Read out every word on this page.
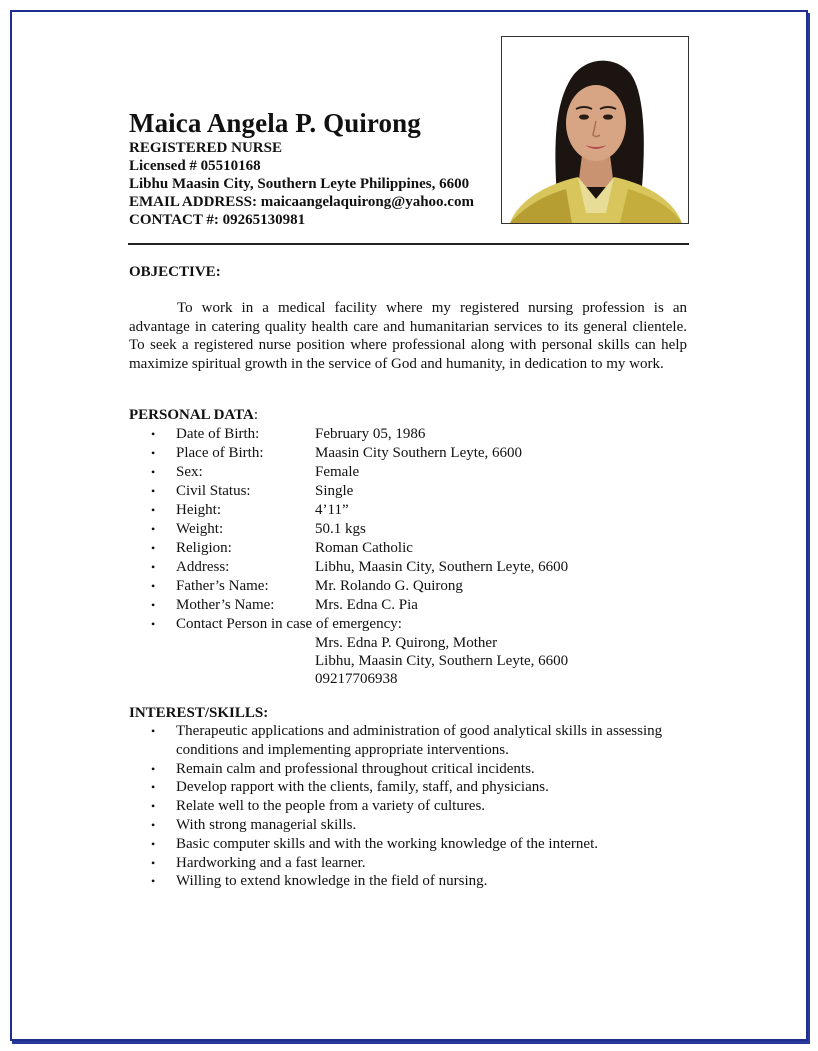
Maica Angela P. Quirong
REGISTERED NURSE
Licensed # 05510168
Libhu Maasin City, Southern Leyte Philippines, 6600
EMAIL ADDRESS: maicaangelaquirong@yahoo.com
CONTACT #: 09265130981
OBJECTIVE:

To work in a medical facility where my registered nursing profession is an advantage in catering quality health care and humanitarian services to its general clientele. To seek a registered nurse position where professional along with personal skills can help maximize spiritual growth in the service of God and humanity, in dedication to my work.

PERSONAL DATA:
• Date of Birth:	February 05, 1986
• Place of Birth:	Maasin City Southern Leyte, 6600
• Sex:	Female
• Civil Status:	Single
• Height:	4’11”
• Weight:	50.1 kgs
• Religion:	Roman Catholic
• Address:	Libhu, Maasin City, Southern Leyte, 6600
• Father’s Name:	Mr. Rolando G. Quirong
• Mother’s Name:	Mrs. Edna C. Pia
• Contact Person in case of emergency:
Mrs. Edna P. Quirong, Mother
Libhu, Maasin City, Southern Leyte, 6600
09217706938
INTEREST/SKILLS:
• Therapeutic applications and administration of good analytical skills in assessing conditions and implementing appropriate interventions.
• Remain calm and professional throughout critical incidents.
• Develop rapport with the clients, family, staff, and physicians.
• Relate well to the people from a variety of cultures.
• With strong managerial skills.
• Basic computer skills and with the working knowledge of the internet.
• Hardworking and a fast learner.
• Willing to extend knowledge in the field of nursing.
